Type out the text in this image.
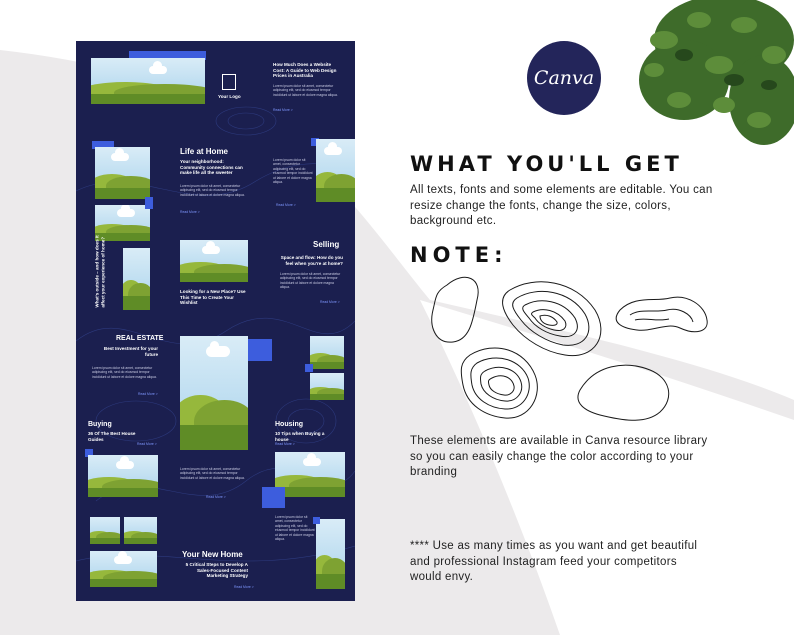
Your Logo
How Much Does a Website Cost: A Guide to Web Design Prices in Australia
Lorem ipsum dolor sit amet, consectetur adipiscing elit, sed do eiusmod tempor incididunt ut labore et dolore magna aliqua.
Read More >
Life at Home
Your neighborhood: Community connections can make life all the sweeter
Lorem ipsum dolor sit amet, consectetur adipiscing elit, sed do eiusmod tempor incididunt ut labore et dolore magna aliqua.
Read More >
Lorem ipsum dolor sit amet, consectetur adipiscing elit, sed do eiusmod tempor incididunt ut labore et dolore magna aliqua.
Read More >
What's outside – and how does it affect your experience of home?	Selling
Space and flow: How do you feel when you're at home?
Lorem ipsum dolor sit amet, consectetur adipiscing elit, sed do eiusmod tempor incididunt ut labore et dolore magna aliqua.
Read More >
Looking for a New Place? Use This Time to Create Your Wishlist
REAL ESTATE
Best Investment for your future
Lorem ipsum dolor sit amet, consectetur adipiscing elit, sed do eiusmod tempor incididunt ut labore et dolore magna aliqua.
Read More >
Buying
36 Of The Best House Guides
Read More >
Housing
10 Tips when Buying a house
Read More >
Lorem ipsum dolor sit amet, consectetur adipiscing elit, sed do eiusmod tempor incididunt ut labore et dolore magna aliqua.
Read More >
Your New Home
5 Critical Steps to Develop A Sales-Focused Content Marketing Strategy
Read More >
Lorem ipsum dolor sit amet, consectetur adipiscing elit, sed do eiusmod tempor incididunt ut labore et dolore magna aliqua.
Canva
WHAT YOU'LL GET
All texts, fonts and some elements are editable. You can resize change the fonts, change the size, colors, background etc.
NOTE:
These elements are available in Canva resource library so you can easily change the color according to your branding
**** Use as many times as you want and get beautiful and professional Instagram feed your competitors would envy.
